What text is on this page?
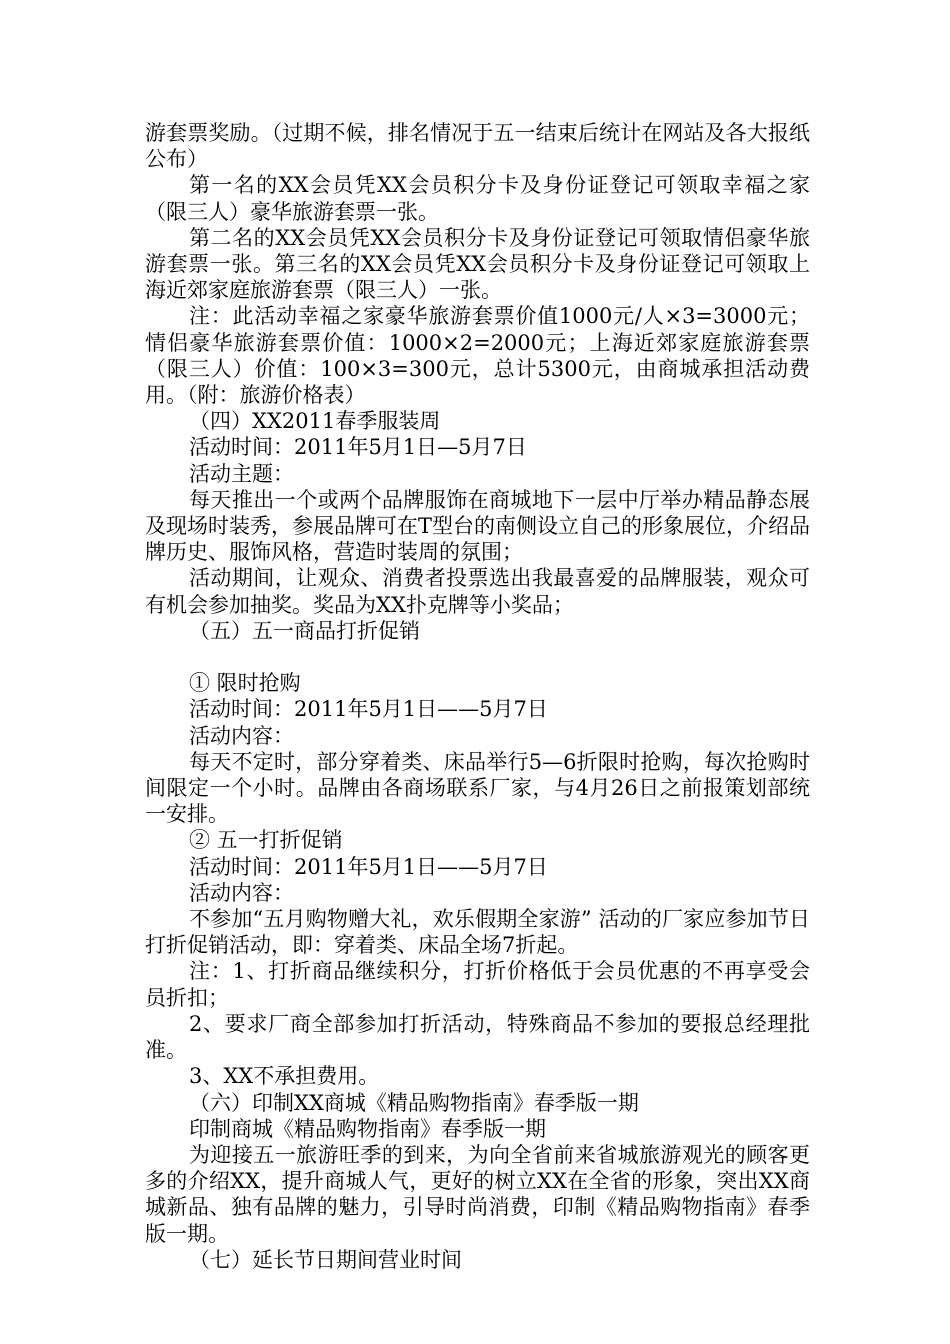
游套票奖励。（过期不候，排名情况于五一结束后统计在网站及各大报纸公布）

第一名的XX会员凭XX会员积分卡及身份证登记可领取幸福之家（限三人）豪华旅游套票一张。

第二名的XX会员凭XX会员积分卡及身份证登记可领取情侣豪华旅游套票一张。第三名的XX会员凭XX会员积分卡及身份证登记可领取上海近郊家庭旅游套票（限三人）一张。

注：此活动幸福之家豪华旅游套票价值1000元/人×3=3000元；情侣豪华旅游套票价值：1000×2=2000元；上海近郊家庭旅游套票（限三人）价值：100×3=300元，总计5300元，由商城承担活动费用。（附：旅游价格表）

（四）XX2011春季服装周

活动时间：2011年5月1日—5月7日

活动主题：

每天推出一个或两个品牌服饰在商城地下一层中厅举办精品静态展及现场时装秀，参展品牌可在T型台的南侧设立自己的形象展位，介绍品牌历史、服饰风格，营造时装周的氛围；

活动期间，让观众、消费者投票选出我最喜爱的品牌服装，观众可有机会参加抽奖。奖品为XX扑克牌等小奖品；

（五）五一商品打折促销

① 限时抢购

活动时间：2011年5月1日——5月7日

活动内容：

每天不定时，部分穿着类、床品举行5—6折限时抢购，每次抢购时间限定一个小时。品牌由各商场联系厂家，与4月26日之前报策划部统一安排。

② 五一打折促销

活动时间：2011年5月1日——5月7日

活动内容：

不参加“五月购物赠大礼，欢乐假期全家游” 活动的厂家应参加节日打折促销活动，即：穿着类、床品全场7折起。

注：1、打折商品继续积分，打折价格低于会员优惠的不再享受会员折扣；

2、要求厂商全部参加打折活动，特殊商品不参加的要报总经理批准。

3、XX不承担费用。

（六）印制XX商城《精品购物指南》春季版一期

印制商城《精品购物指南》春季版一期

为迎接五一旅游旺季的到来，为向全省前来省城旅游观光的顾客更多的介绍XX，提升商城人气，更好的树立XX在全省的形象，突出XX商城新品、独有品牌的魅力，引导时尚消费，印制《精品购物指南》春季版一期。

（七）延长节日期间营业时间
